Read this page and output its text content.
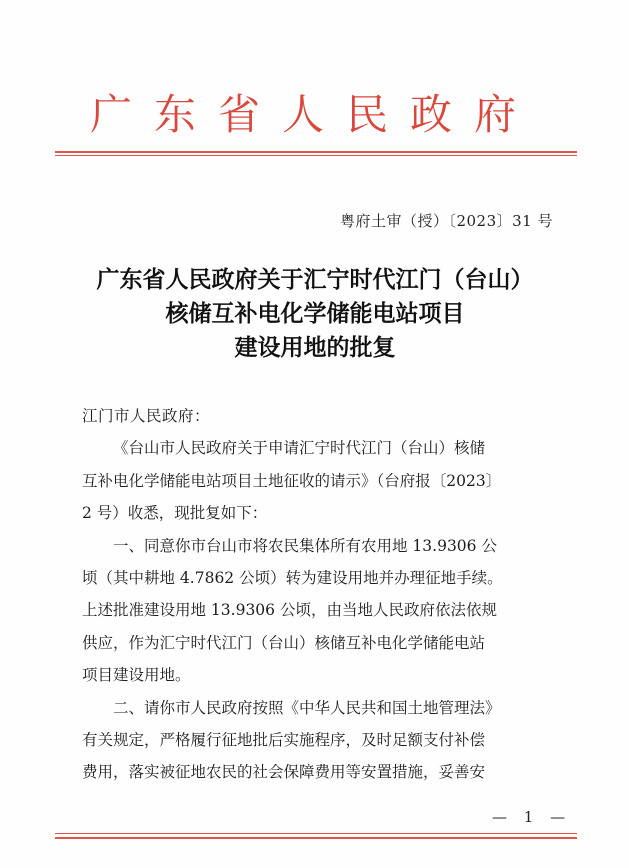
广东省人民政府
粤府土审（授）〔2023〕31 号
广东省人民政府关于汇宁时代江门（台山）
核储互补电化学储能电站项目
建设用地的批复

江门市人民政府：

《台山市人民政府关于申请汇宁时代江门（台山）核储
互补电化学储能电站项目土地征收的请示》（台府报〔2023〕
2 号）收悉，现批复如下：

一、同意你市台山市将农民集体所有农用地 13.9306 公
顷（其中耕地 4.7862 公顷）转为建设用地并办理征地手续。
上述批准建设用地 13.9306 公顷，由当地人民政府依法依规
供应，作为汇宁时代江门（台山）核储互补电化学储能电站
项目建设用地。

二、请你市人民政府按照《中华人民共和国土地管理法》
有关规定，严格履行征地批后实施程序，及时足额支付补偿
费用，落实被征地农民的社会保障费用等安置措施，妥善安

— 1 —
